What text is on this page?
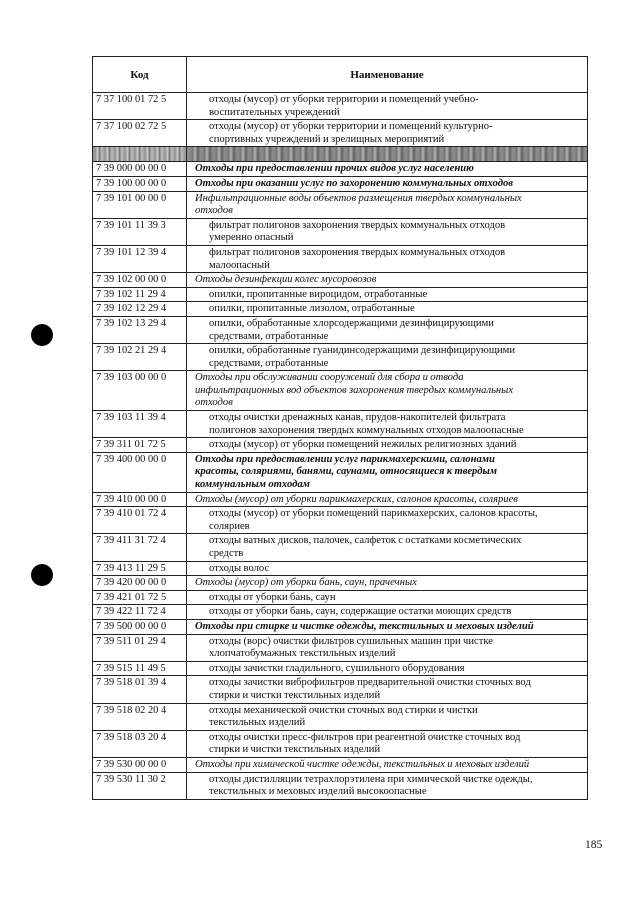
Код	Наименование
7 37 100 01 72 5	отходы (мусор) от уборки территории и помещений учебно-
воспитательных учреждений

7 37 100 02 72 5	отходы (мусор) от уборки территории и помещений культурно-
спортивных учреждений и зрелищных мероприятий

7 39 000 00 00 0	Отходы при предоставлении прочих видов услуг населению

7 39 100 00 00 0	Отходы при оказании услуг по захоронению коммунальных отходов

7 39 101 00 00 0	Инфильтрационные воды объектов размещения твердых коммунальных
отходов

7 39 101 11 39 3	фильтрат полигонов захоронения твердых коммунальных отходов
умеренно опасный

7 39 101 12 39 4	фильтрат полигонов захоронения твердых коммунальных отходов
малоопасный

7 39 102 00 00 0	Отходы дезинфекции колес мусоровозов

7 39 102 11 29 4	опилки, пропитанные вироцидом, отработанные

7 39 102 12 29 4	опилки, пропитанные лизолом, отработанные

7 39 102 13 29 4	опилки, обработанные хлорсодержащими дезинфицирующими
средствами, отработанные

7 39 102 21 29 4	опилки, обработанные гуанидинсодержащими дезинфицирующими
средствами, отработанные

7 39 103 00 00 0	Отходы при обслуживании сооружений для сбора и отвода
инфильтрационных вод объектов захоронения твердых коммунальных
отходов

7 39 103 11 39 4	отходы очистки дренажных канав, прудов-накопителей фильтрата
полигонов захоронения твердых коммунальных отходов малоопасные

7 39 311 01 72 5	отходы (мусор) от уборки помещений нежилых религиозных зданий

7 39 400 00 00 0	Отходы при предоставлении услуг парикмахерскими, салонами
красоты, соляриями, банями, саунами, относящиеся к твердым
коммунальным отходам

7 39 410 00 00 0	Отходы (мусор) от уборки парикмахерских, салонов красоты, соляриев

7 39 410 01 72 4	отходы (мусор) от уборки помещений парикмахерских, салонов красоты,
соляриев

7 39 411 31 72 4	отходы ватных дисков, палочек, салфеток с остатками косметических
средств

7 39 413 11 29 5	отходы волос

7 39 420 00 00 0	Отходы (мусор) от уборки бань, саун, прачечных

7 39 421 01 72 5	отходы от уборки бань, саун

7 39 422 11 72 4	отходы от уборки бань, саун, содержащие остатки моющих средств

7 39 500 00 00 0	Отходы при стирке и чистке одежды, текстильных и меховых изделий

7 39 511 01 29 4	отходы (ворс) очистки фильтров сушильных машин при чистке
хлопчатобумажных текстильных изделий

7 39 515 11 49 5	отходы зачистки гладильного, сушильного оборудования

7 39 518 01 39 4	отходы зачистки виброфильтров предварительной очистки сточных вод
стирки и чистки текстильных изделий

7 39 518 02 20 4	отходы механической очистки сточных вод стирки и чистки
текстильных изделий

7 39 518 03 20 4	отходы очистки пресс-фильтров при реагентной очистке сточных вод
стирки и чистки текстильных изделий

7 39 530 00 00 0	Отходы при химической чистке одежды, текстильных и меховых изделий

7 39 530 11 30 2	отходы дистилляции тетрахлорэтилена при химической чистке одежды,
текстильных и меховых изделий высокоопасные
185
